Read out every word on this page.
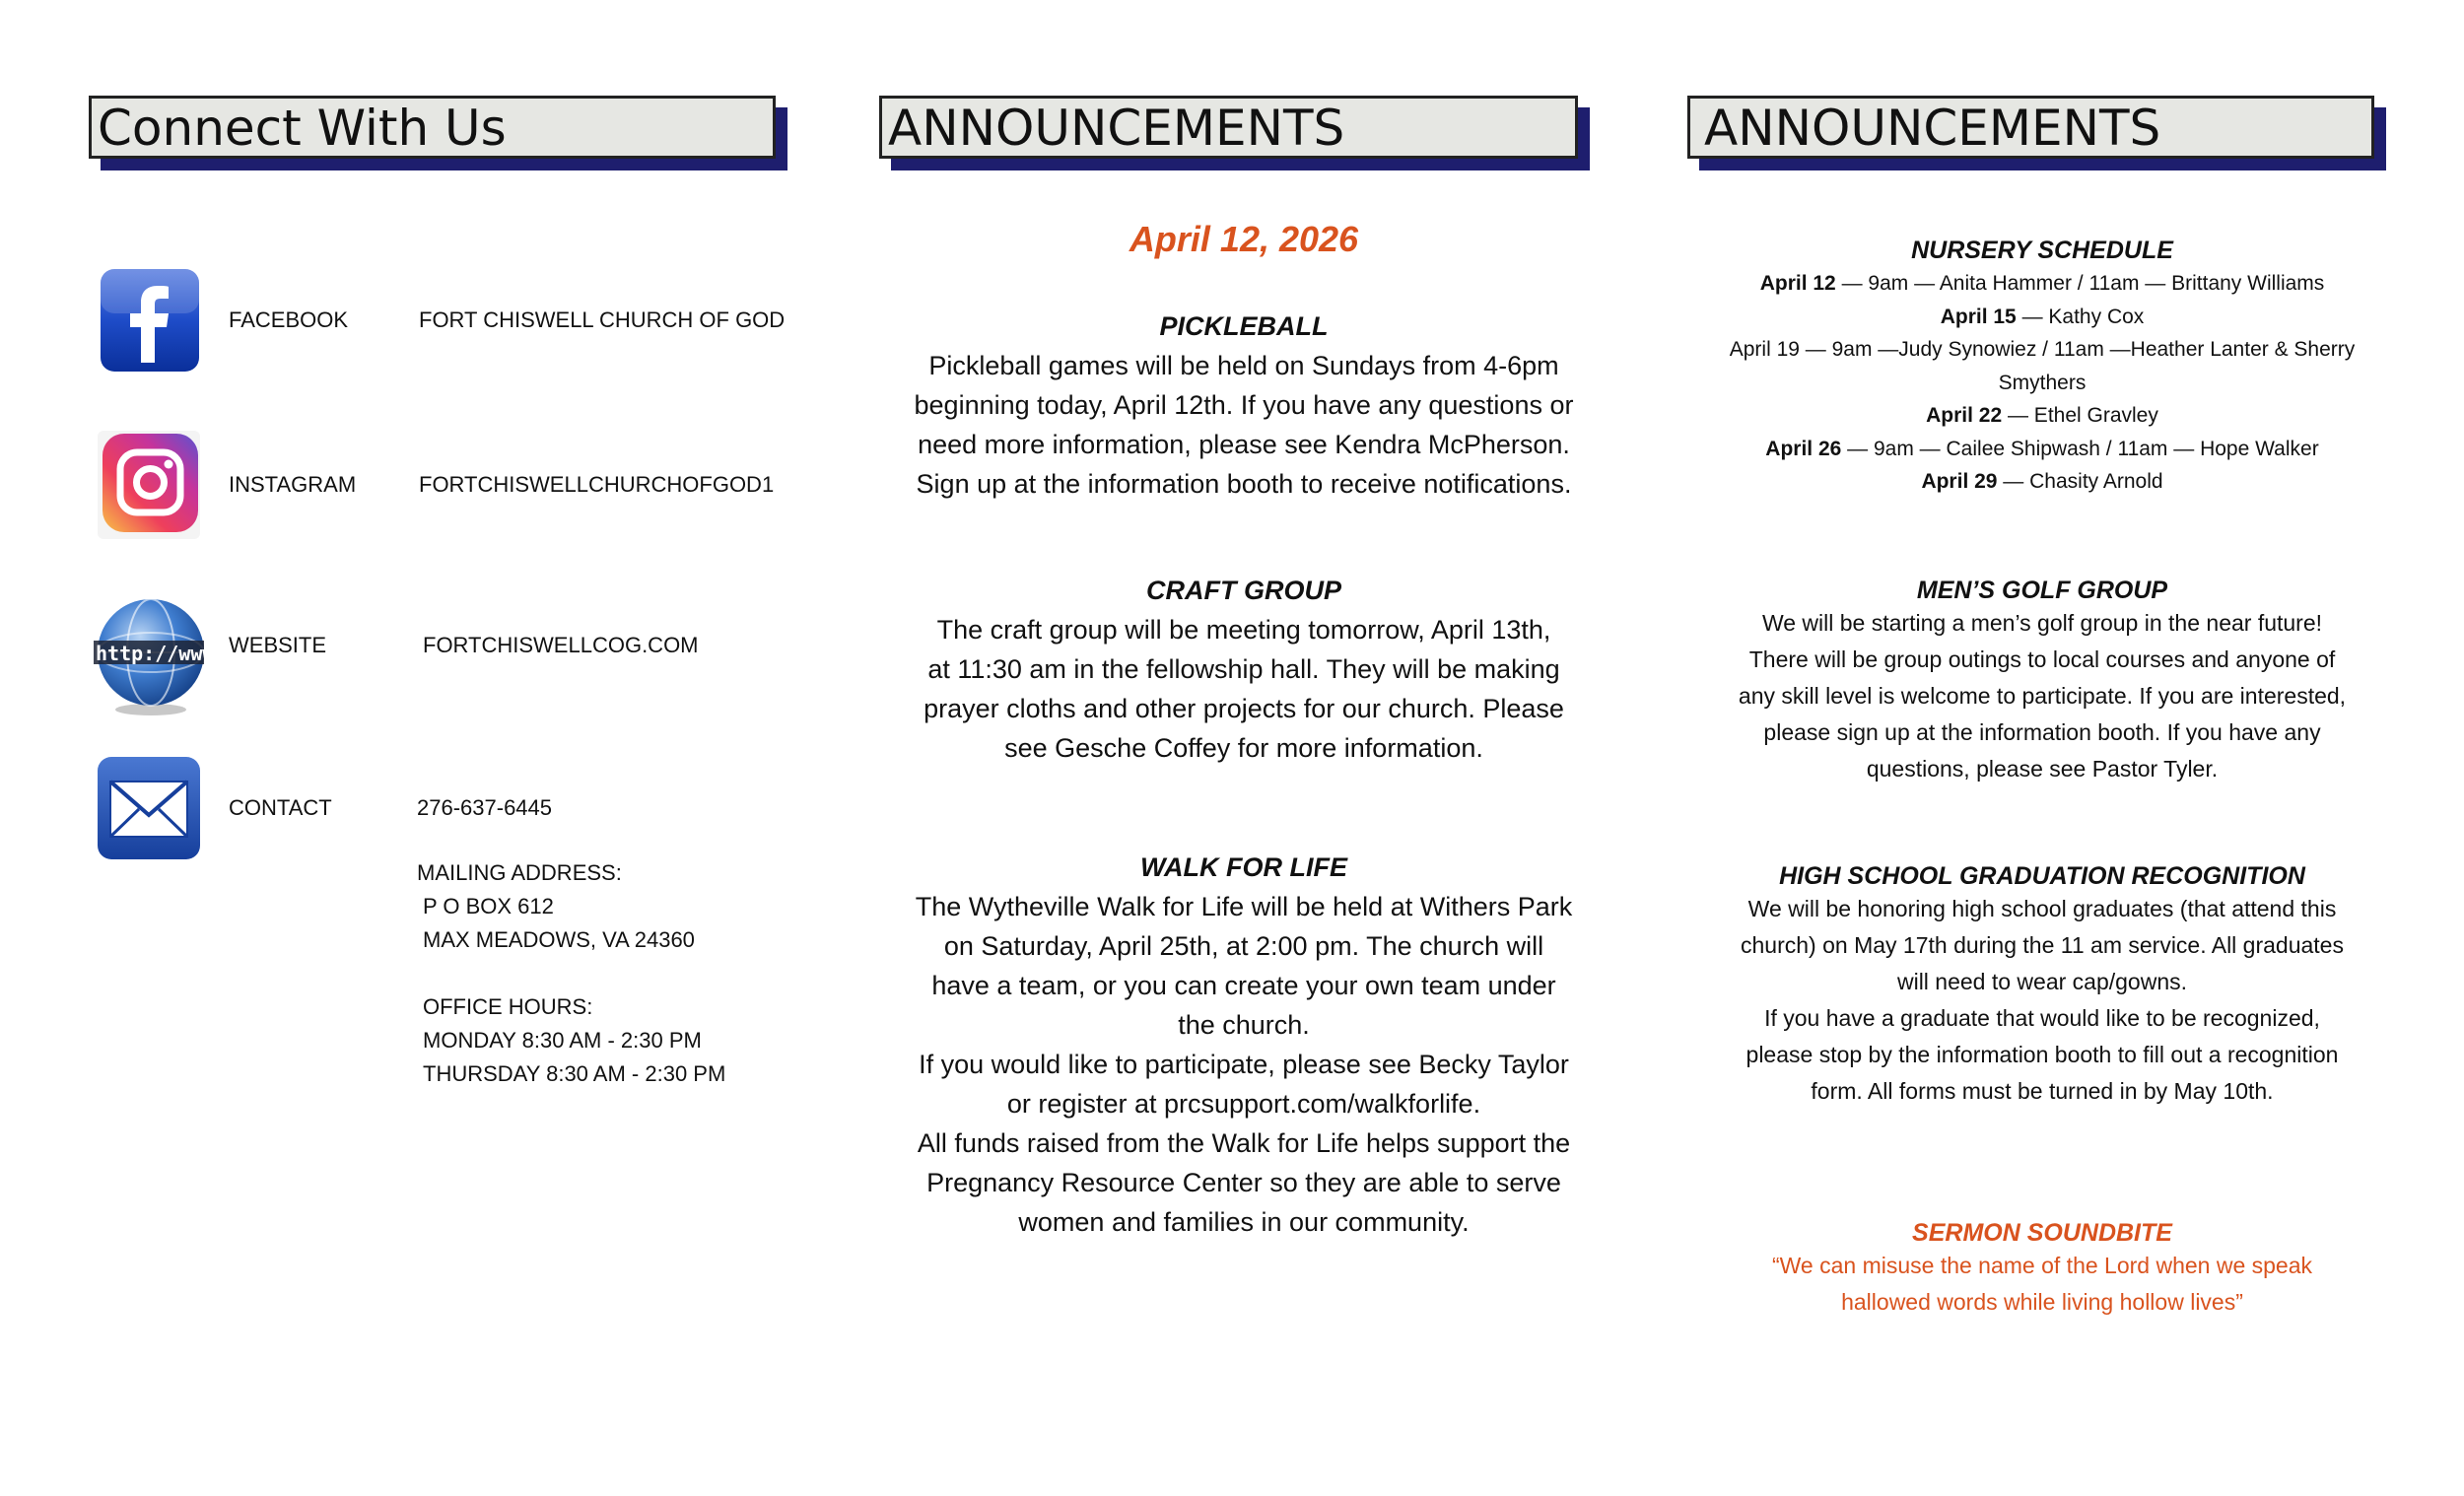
Connect With Us
FACEBOOK	FORT CHISWELL CHURCH OF GOD
INSTAGRAM	FORTCHISWELLCHURCHOFGOD1
http://www WEBSITE	FORTCHISWELLCOG.COM
CONTACT	276-637-6445
MAILING ADDRESS:
P O BOX 612
MAX MEADOWS, VA 24360
OFFICE HOURS:
MONDAY 8:30 AM - 2:30 PM
THURSDAY 8:30 AM - 2:30 PM
ANNOUNCEMENTS
April 12, 2026
PICKLEBALL

Pickleball games will be held on Sundays from 4-6pm

beginning today, April 12th. If you have any questions or

need more information, please see Kendra McPherson.

Sign up at the information booth to receive notifications.

CRAFT GROUP

The craft group will be meeting tomorrow, April 13th,

at 11:30 am in the fellowship hall. They will be making

prayer cloths and other projects for our church. Please

see Gesche Coffey for more information.

WALK FOR LIFE

The Wytheville Walk for Life will be held at Withers Park

on Saturday, April 25th, at 2:00 pm. The church will

have a team, or you can create your own team under

the church.

If you would like to participate, please see Becky Taylor

or register at prcsupport.com/walkforlife.

All funds raised from the Walk for Life helps support the

Pregnancy Resource Center so they are able to serve

women and families in our community.

ANNOUNCEMENTS
NURSERY SCHEDULE
April 12 — 9am — Anita Hammer / 11am — Brittany Williams
April 15 — Kathy Cox
April 19 — 9am —Judy Synowiez / 11am —Heather Lanter & Sherry
Smythers
April 22 — Ethel Gravley
April 26 — 9am — Cailee Shipwash / 11am — Hope Walker
April 29 — Chasity Arnold
MEN’S GOLF GROUP

We will be starting a men’s golf group in the near future!

There will be group outings to local courses and anyone of

any skill level is welcome to participate. If you are interested,

please sign up at the information booth. If you have any

questions, please see Pastor Tyler.

HIGH SCHOOL GRADUATION RECOGNITION

We will be honoring high school graduates (that attend this

church) on May 17th during the 11 am service. All graduates

will need to wear cap/gowns.

If you have a graduate that would like to be recognized,

please stop by the information booth to fill out a recognition

form. All forms must be turned in by May 10th.

SERMON SOUNDBITE

“We can misuse the name of the Lord when we speak

hallowed words while living hollow lives”
